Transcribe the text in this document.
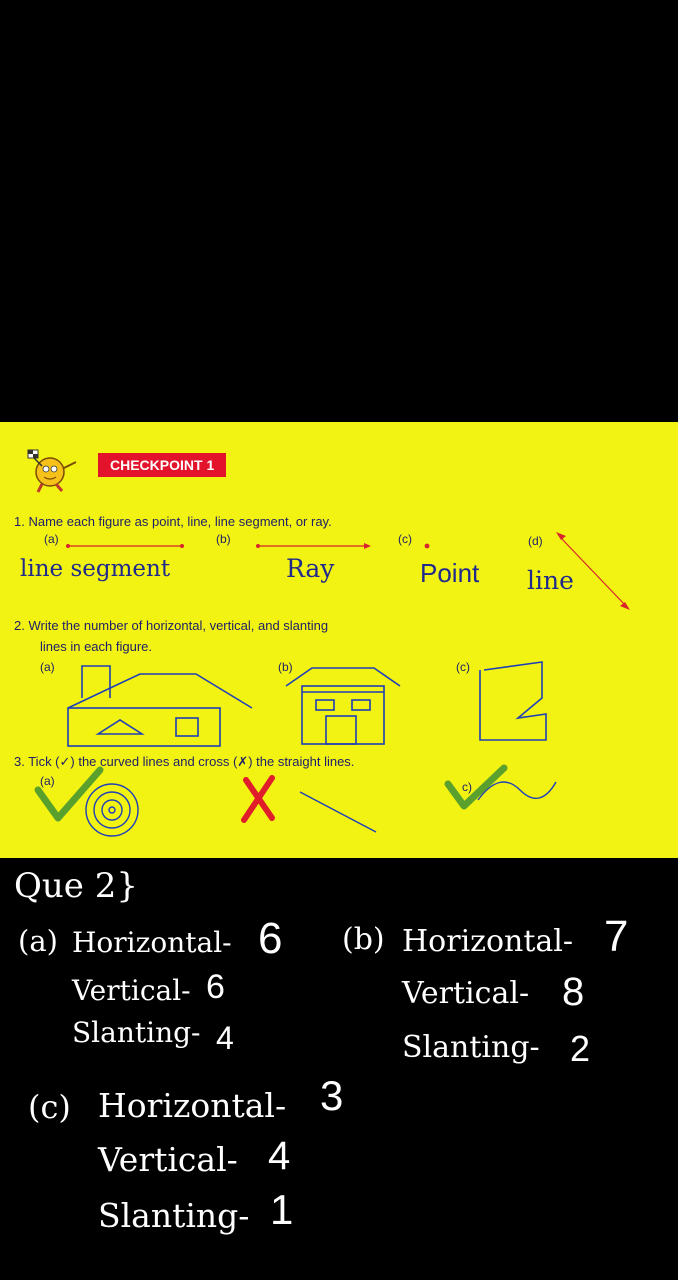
CHECKPOINT 1
1. Name each figure as point, line, line segment, or ray.
(a)	(b)	(c)	(d)
line segment	Ray	Point line
2. Write the number of horizontal, vertical, and slanting
lines in each figure.
(a)	(b)	(c)
3. Tick (✓) the curved lines and cross (✗) the straight lines.
(a)	c)
Que 2}
(a) Horizontal- 6
Vertical- 6
Slanting- 4
(b) Horizontal- 7
Vertical- 8
Slanting- 2
(c) Horizontal- 3
Vertical- 4
Slanting- 1
